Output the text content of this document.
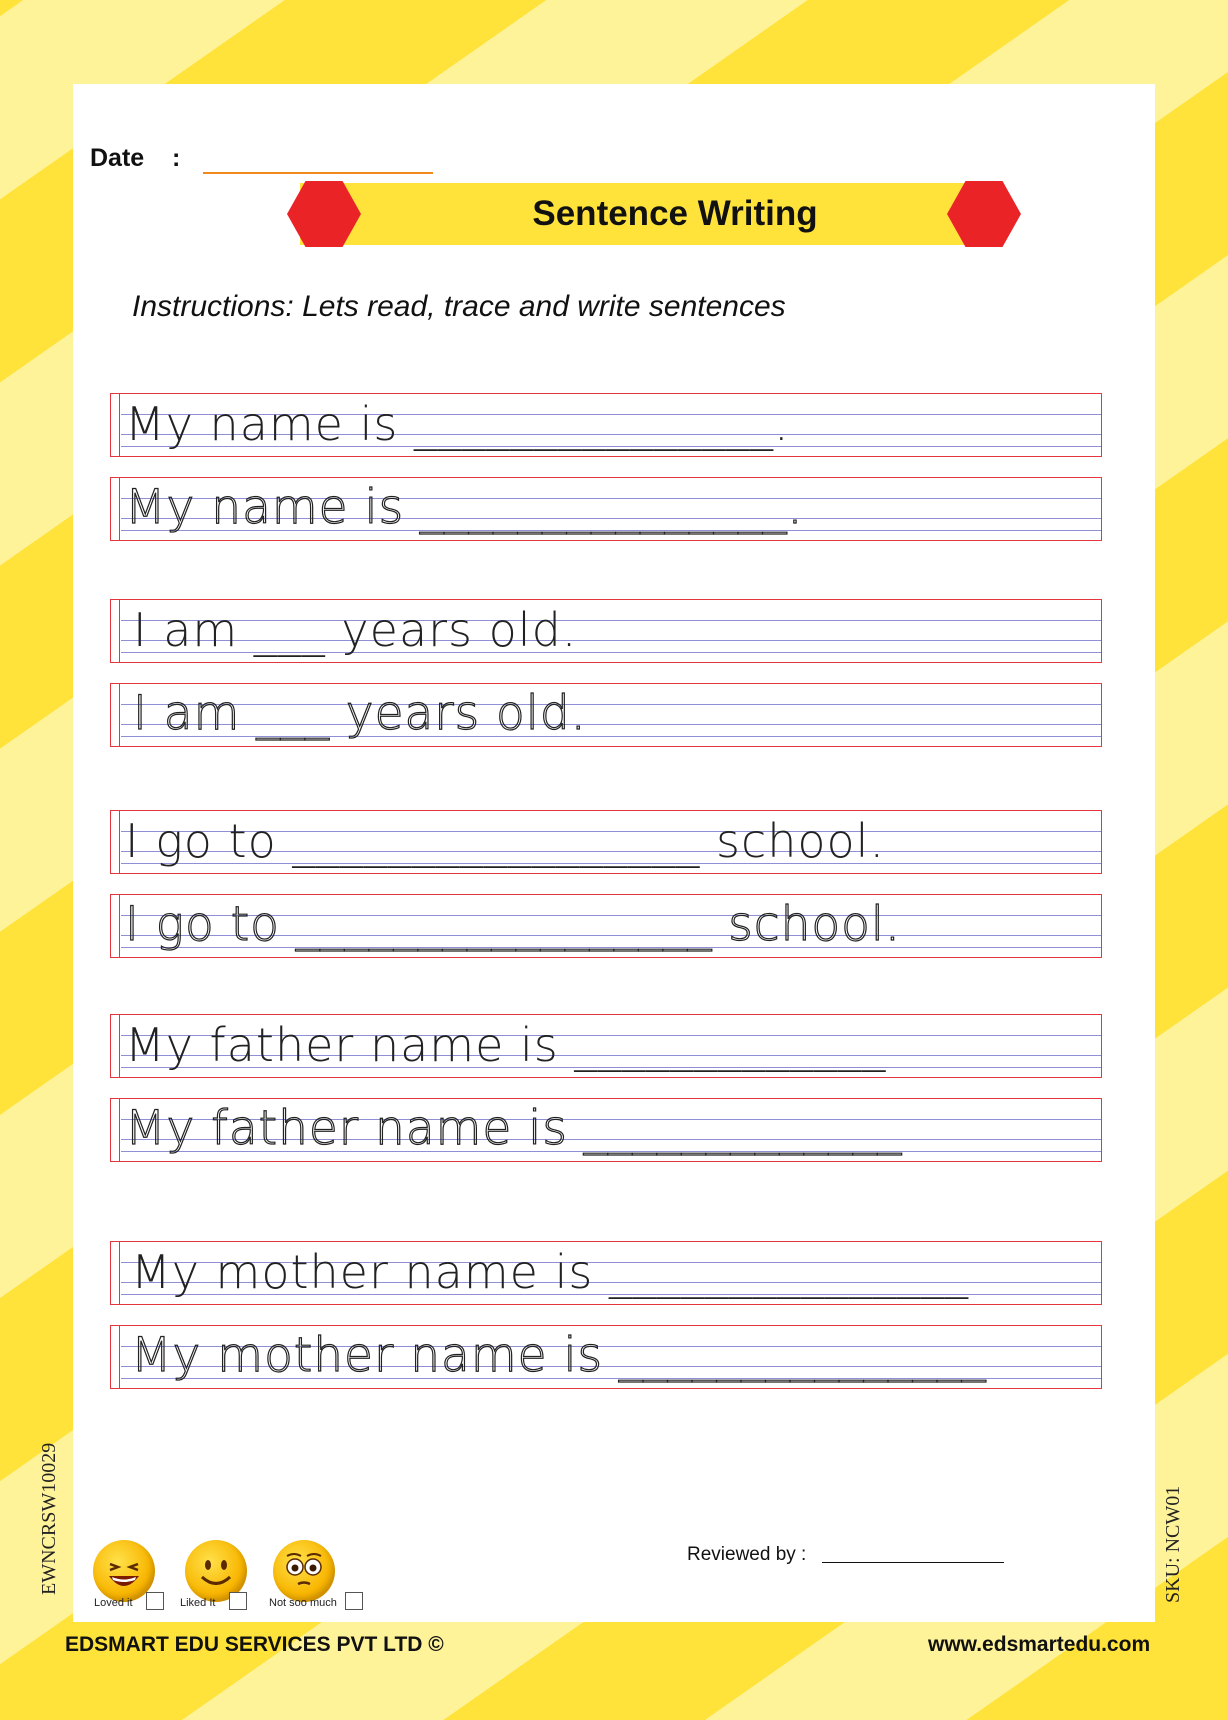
Date :
Sentence Writing
Instructions: Lets read, trace and write sentences
My name is _______________.
My name is _______________.
I am ___ years old.
I am ___ years old.
I go to _________________ school.
I go to _________________ school.
My father name is _____________
My father name is _____________
My mother name is _______________
My mother name is _______________
EWNCRSW10029	SKU: NCW01
Loved it	Liked It	Not soo much
Reviewed by :
EDSMART EDU SERVICES PVT LTD ©	www.edsmartedu.com
